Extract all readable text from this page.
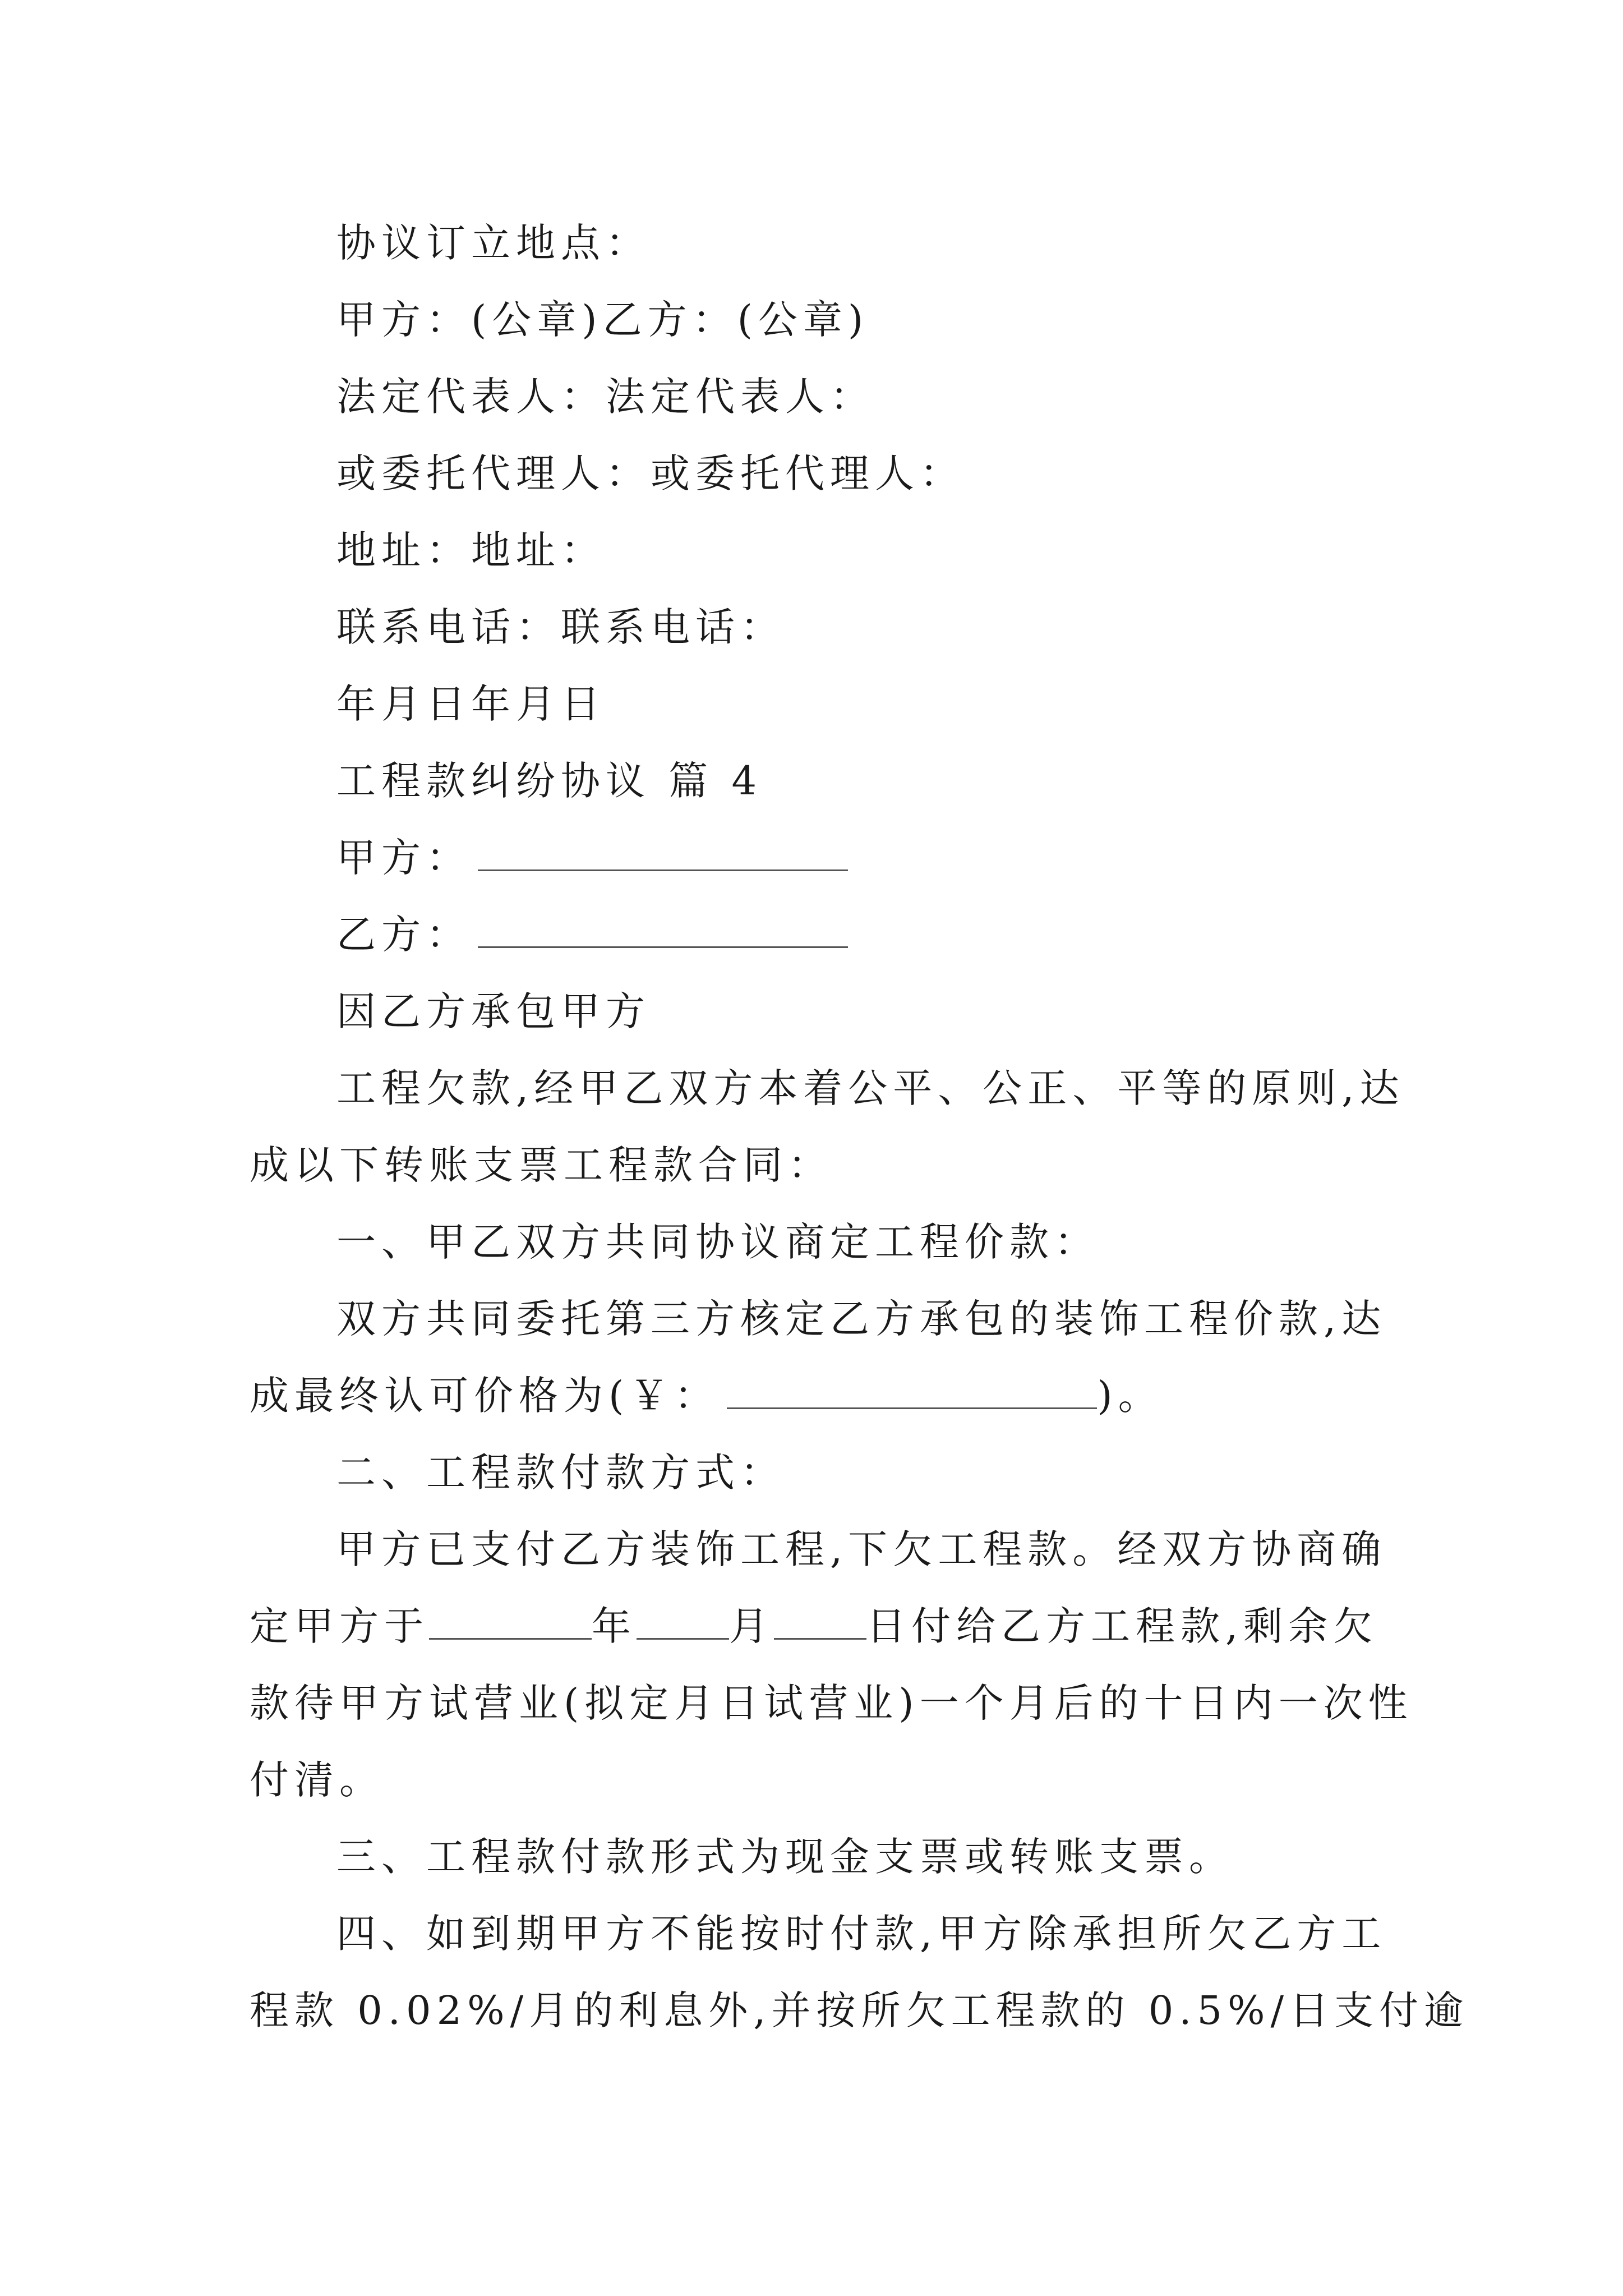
协议订立地点：
甲方：(公章)乙方：(公章)
法定代表人：法定代表人：
或委托代理人：或委托代理人：
地址：地址：
联系电话：联系电话：
年月日年月日
工程款纠纷协议 篇 4
甲方：
乙方：
因乙方承包甲方
工程欠款,经甲乙双方本着公平、公正、平等的原则,达
成以下转账支票工程款合同：
一、甲乙双方共同协议商定工程价款：
双方共同委托第三方核定乙方承包的装饰工程价款,达
成最终认可价格为(￥：	)。
二、工程款付款方式：
甲方已支付乙方装饰工程,下欠工程款。经双方协商确
定甲方于	年 月 日付给乙方工程款,剩余欠
款待甲方试营业(拟定月日试营业)一个月后的十日内一次性
付清。
三、工程款付款形式为现金支票或转账支票。
四、如到期甲方不能按时付款,甲方除承担所欠乙方工
程款 0.02%/月的利息外,并按所欠工程款的 0.5%/日支付逾
